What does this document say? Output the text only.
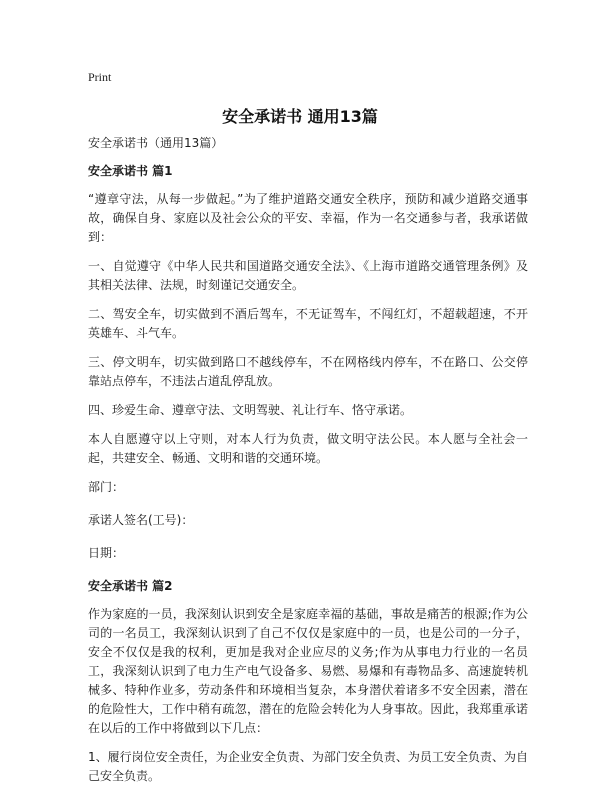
Print
安全承诺书 通用13篇
安全承诺书（通用13篇）
安全承诺书 篇1

“遵章守法，从每一步做起。”为了维护道路交通安全秩序，预防和减少道路交通事故，确保自身、家庭以及社会公众的平安、幸福，作为一名交通参与者，我承诺做到：

一、自觉遵守《中华人民共和国道路交通安全法》、《上海市道路交通管理条例》及其相关法律、法规，时刻谨记交通安全。

二、驾安全车，切实做到不酒后驾车，不无证驾车，不闯红灯，不超载超速，不开英雄车、斗气车。

三、停文明车，切实做到路口不越线停车，不在网格线内停车，不在路口、公交停靠站点停车，不违法占道乱停乱放。

四、珍爱生命、遵章守法、文明驾驶、礼让行车、恪守承诺。

本人自愿遵守以上守则，对本人行为负责，做文明守法公民。本人愿与全社会一起，共建安全、畅通、文明和谐的交通环境。

部门：
承诺人签名(工号)：
日期：
安全承诺书 篇2

作为家庭的一员，我深刻认识到安全是家庭幸福的基础，事故是痛苦的根源;作为公司的一名员工，我深刻认识到了自己不仅仅是家庭中的一员，也是公司的一分子，安全不仅仅是我的权利，更加是我对企业应尽的义务;作为从事电力行业的一名员工，我深刻认识到了电力生产电气设备多、易燃、易爆和有毒物品多、高速旋转机械多、特种作业多，劳动条件和环境相当复杂，本身潜伏着诸多不安全因素，潜在的危险性大，工作中稍有疏忽，潜在的危险会转化为人身事故。因此，我郑重承诺在以后的工作中将做到以下几点：

1、履行岗位安全责任，为企业安全负责、为部门安全负责、为员工安全负责、为自己安全负责。
